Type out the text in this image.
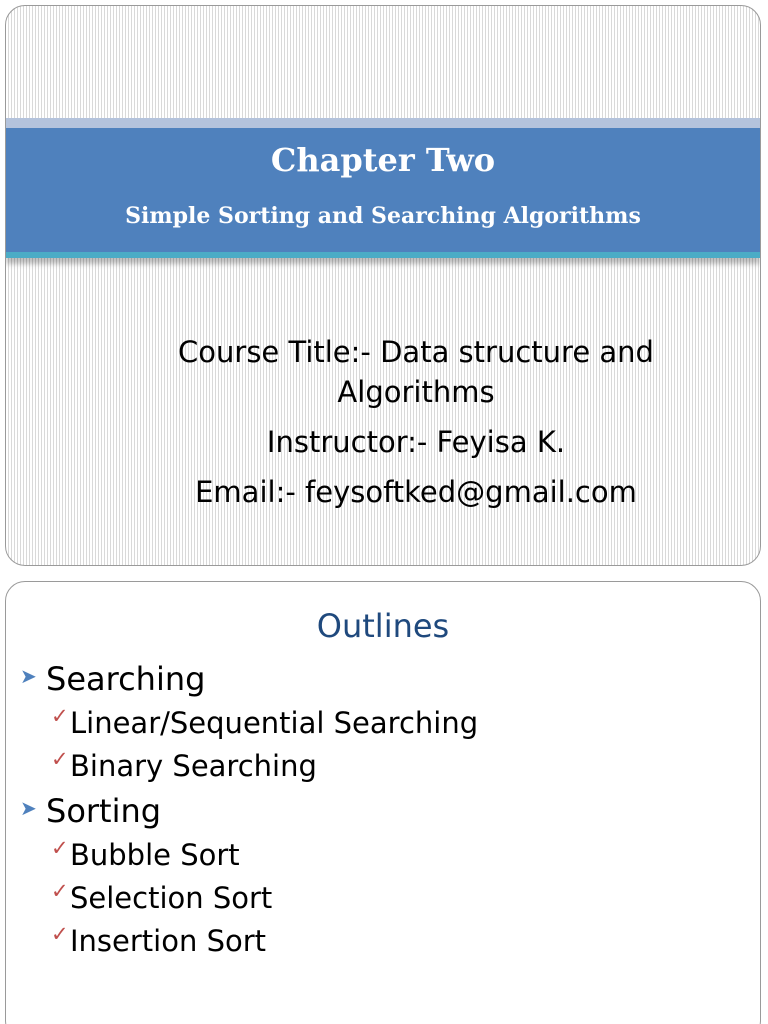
Chapter Two
Simple Sorting and Searching Algorithms
Course Title:- Data structure and
Algorithms
Instructor:- Feyisa K.
Email:- feysoftked@gmail.com
Outlines
➤ Searching
✓ Linear/Sequential Searching
✓ Binary Searching
➤ Sorting
✓ Bubble Sort
✓ Selection Sort
✓ Insertion Sort
